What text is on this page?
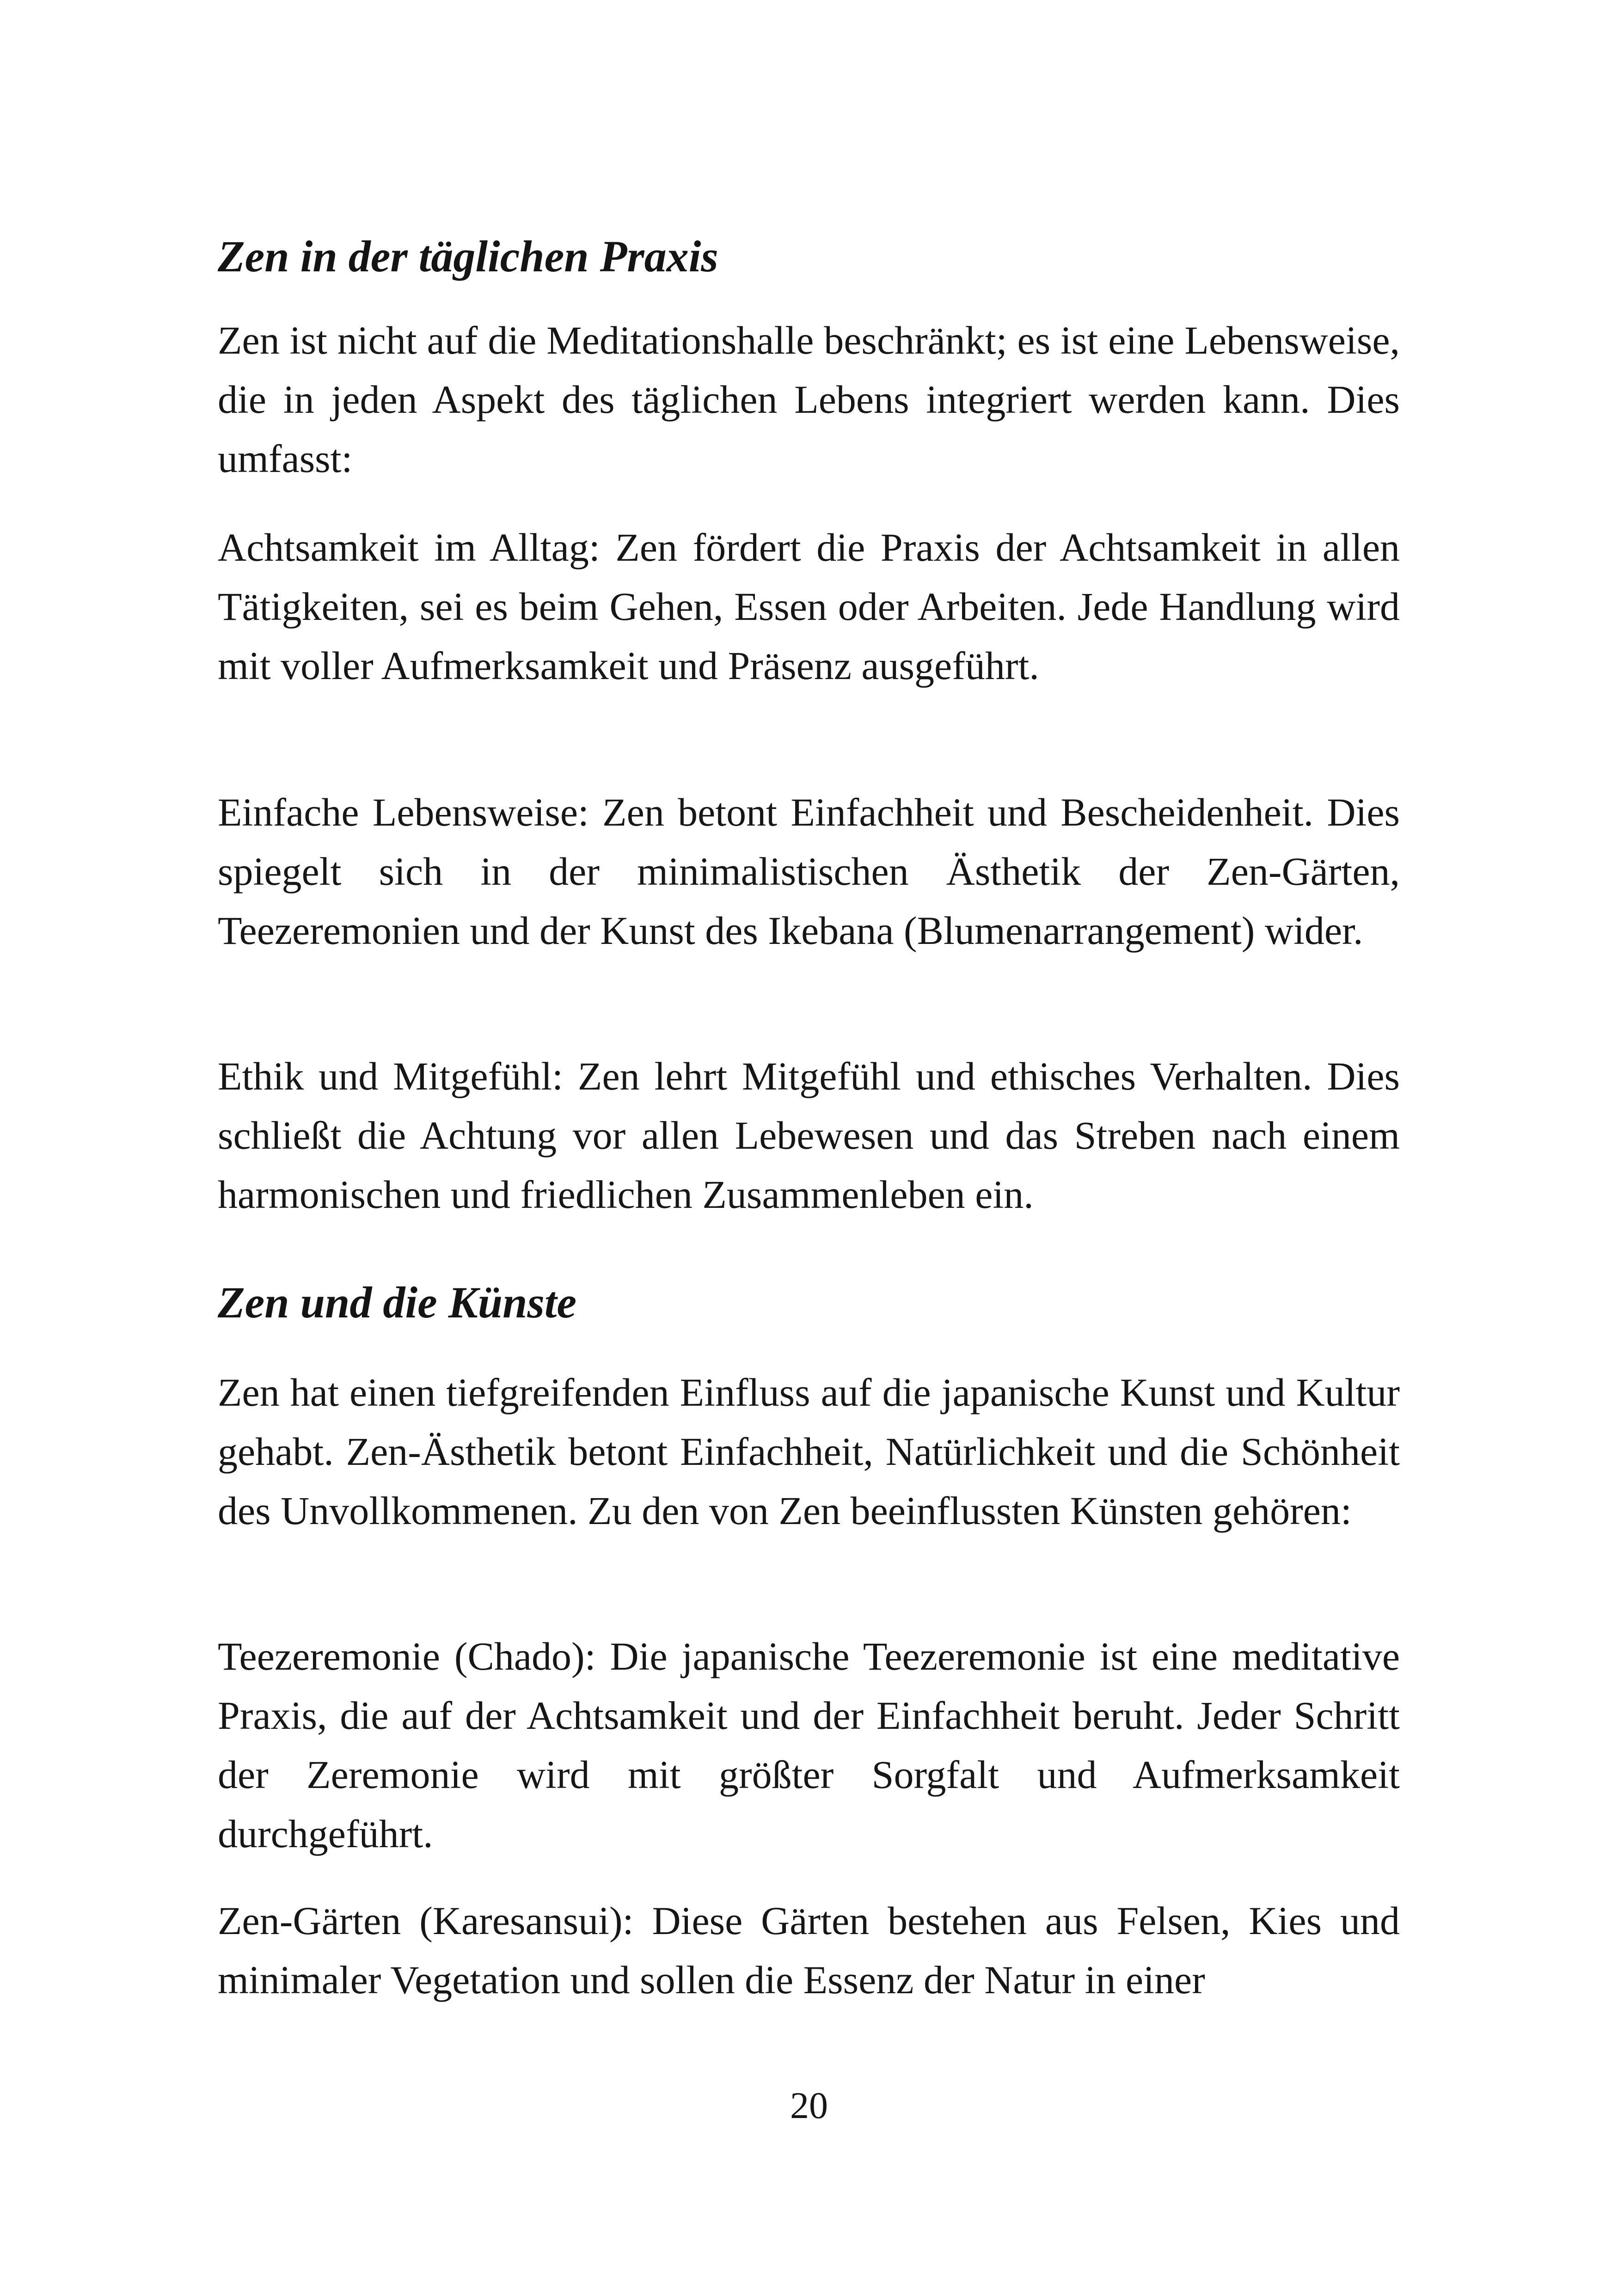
Zen in der täglichen Praxis

Zen ist nicht auf die Meditationshalle beschränkt; es ist eine Lebensweise, die in jeden Aspekt des täglichen Lebens integriert werden kann. Dies umfasst:

Achtsamkeit im Alltag: Zen fördert die Praxis der Achtsamkeit in allen Tätigkeiten, sei es beim Gehen, Essen oder Arbeiten. Jede Handlung wird mit voller Aufmerksamkeit und Präsenz ausgeführt.

Einfache Lebensweise: Zen betont Einfachheit und Bescheidenheit. Dies spiegelt sich in der minimalistischen Ästhetik der Zen-Gärten, Teezeremonien und der Kunst des Ikebana (Blumenarrangement) wider.

Ethik und Mitgefühl: Zen lehrt Mitgefühl und ethisches Verhalten. Dies schließt die Achtung vor allen Lebewesen und das Streben nach einem harmonischen und friedlichen Zusammenleben ein.

Zen und die Künste

Zen hat einen tiefgreifenden Einfluss auf die japanische Kunst und Kultur gehabt. Zen-Ästhetik betont Einfachheit, Natürlichkeit und die Schönheit des Unvollkommenen. Zu den von Zen beeinflussten Künsten gehören:

Teezeremonie (Chado): Die japanische Teezeremonie ist eine meditative Praxis, die auf der Achtsamkeit und der Einfachheit beruht. Jeder Schritt der Zeremonie wird mit größter Sorgfalt und Aufmerksamkeit durchgeführt.

Zen-Gärten (Karesansui): Diese Gärten bestehen aus Felsen, Kies und minimaler Vegetation und sollen die Essenz der Natur in einer

20
